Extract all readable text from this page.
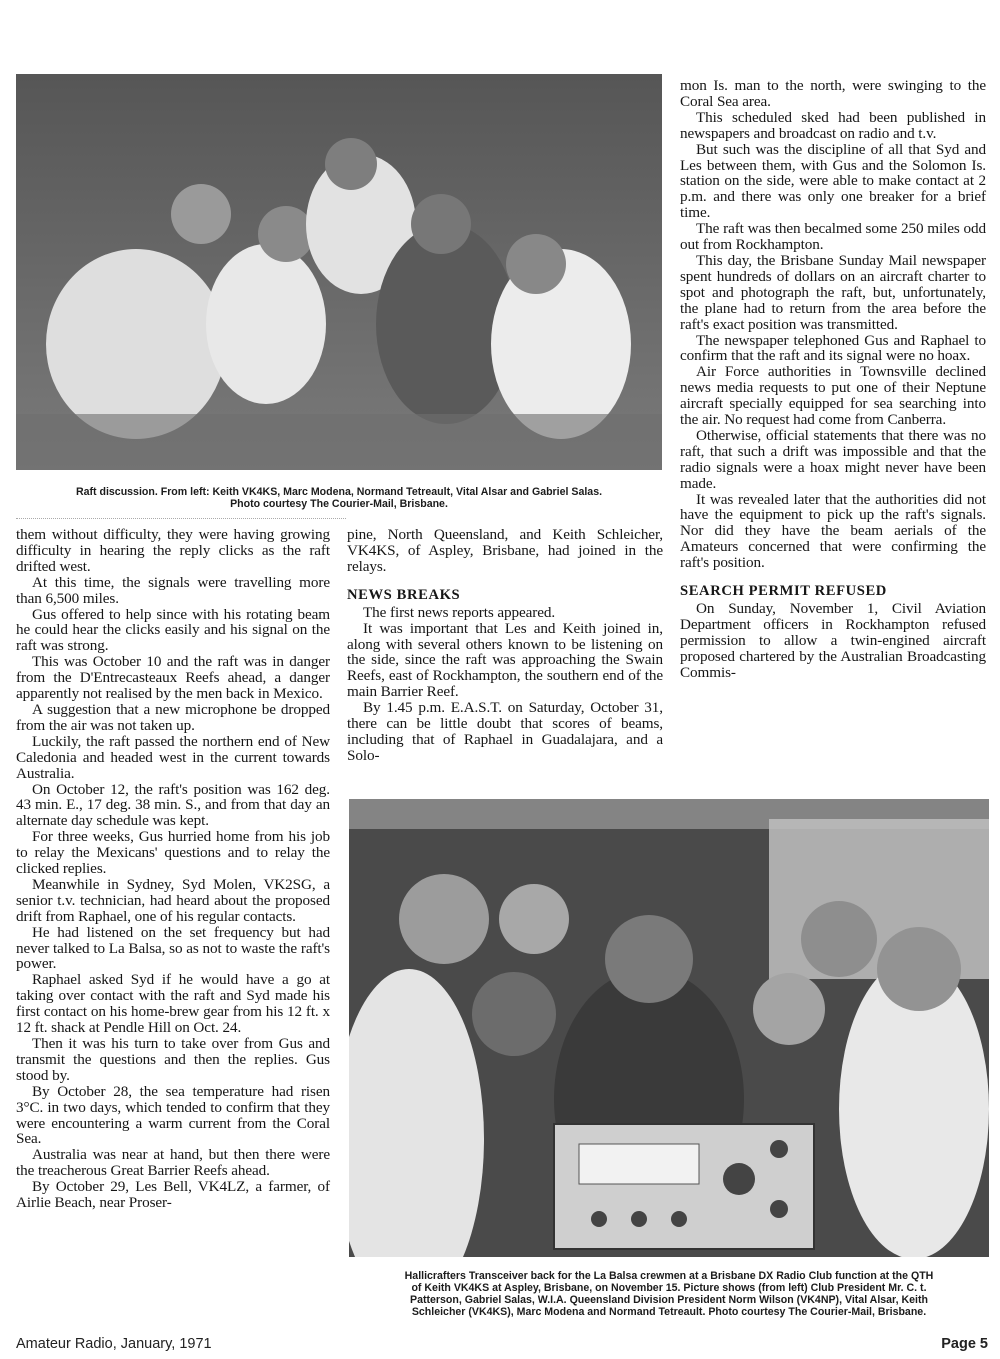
Raft discussion. From left: Keith VK4KS, Marc Modena, Normand Tetreault, Vital Alsar and Gabriel Salas.
Photo courtesy The Courier-Mail, Brisbane.

them without difficulty, they were having growing difficulty in hearing the reply clicks as the raft drifted west.

At this time, the signals were travelling more than 6,500 miles.

Gus offered to help since with his rotating beam he could hear the clicks easily and his signal on the raft was strong.

This was October 10 and the raft was in danger from the D'Entrecasteaux Reefs ahead, a danger apparently not realised by the men back in Mexico.

A suggestion that a new microphone be dropped from the air was not taken up.

Luckily, the raft passed the northern end of New Caledonia and headed west in the current towards Australia.

On October 12, the raft's position was 162 deg. 43 min. E., 17 deg. 38 min. S., and from that day an alternate day schedule was kept.

For three weeks, Gus hurried home from his job to relay the Mexicans' questions and to relay the clicked replies.

Meanwhile in Sydney, Syd Molen, VK2SG, a senior t.v. technician, had heard about the proposed drift from Raphael, one of his regular contacts.

He had listened on the set frequency but had never talked to La Balsa, so as not to waste the raft's power.

Raphael asked Syd if he would have a go at taking over contact with the raft and Syd made his first contact on his home-brew gear from his 12 ft. x 12 ft. shack at Pendle Hill on Oct. 24.

Then it was his turn to take over from Gus and transmit the questions and then the replies. Gus stood by.

By October 28, the sea temperature had risen 3°C. in two days, which tended to confirm that they were encountering a warm current from the Coral Sea.

Australia was near at hand, but then there were the treacherous Great Barrier Reefs ahead.

By October 29, Les Bell, VK4LZ, a farmer, of Airlie Beach, near Proser-

pine, North Queensland, and Keith Schleicher, VK4KS, of Aspley, Brisbane, had joined in the relays.

NEWS BREAKS

The first news reports appeared.

It was important that Les and Keith joined in, along with several others known to be listening on the side, since the raft was approaching the Swain Reefs, east of Rockhampton, the southern end of the main Barrier Reef.

By 1.45 p.m. E.A.S.T. on Saturday, October 31, there can be little doubt that scores of beams, including that of Raphael in Guadalajara, and a Solo-

mon Is. man to the north, were swinging to the Coral Sea area.

This scheduled sked had been published in newspapers and broadcast on radio and t.v.

But such was the discipline of all that Syd and Les between them, with Gus and the Solomon Is. station on the side, were able to make contact at 2 p.m. and there was only one breaker for a brief time.

The raft was then becalmed some 250 miles odd out from Rockhampton.

This day, the Brisbane Sunday Mail newspaper spent hundreds of dollars on an aircraft charter to spot and photograph the raft, but, unfortunately, the plane had to return from the area before the raft's exact position was transmitted.

The newspaper telephoned Gus and Raphael to confirm that the raft and its signal were no hoax.

Air Force authorities in Townsville declined news media requests to put one of their Neptune aircraft specially equipped for sea searching into the air. No request had come from Canberra.

Otherwise, official statements that there was no raft, that such a drift was impossible and that the radio signals were a hoax might never have been made.

It was revealed later that the authorities did not have the equipment to pick up the raft's signals. Nor did they have the beam aerials of the Amateurs concerned that were confirming the raft's position.

SEARCH PERMIT REFUSED

On Sunday, November 1, Civil Aviation Department officers in Rockhampton refused permission to allow a twin-engined aircraft proposed chartered by the Australian Broadcasting Commis-

Hallicrafters Transceiver back for the La Balsa crewmen at a Brisbane DX Radio Club function at the QTH
of Keith VK4KS at Aspley, Brisbane, on November 15. Picture shows (from left) Club President Mr. C. t.
Patterson, Gabriel Salas, W.I.A. Queensland Division President Norm Wilson (VK4NP), Vital Alsar, Keith
Schleicher (VK4KS), Marc Modena and Normand Tetreault. Photo courtesy The Courier-Mail, Brisbane.
Amateur Radio, January, 1971	Page 5
